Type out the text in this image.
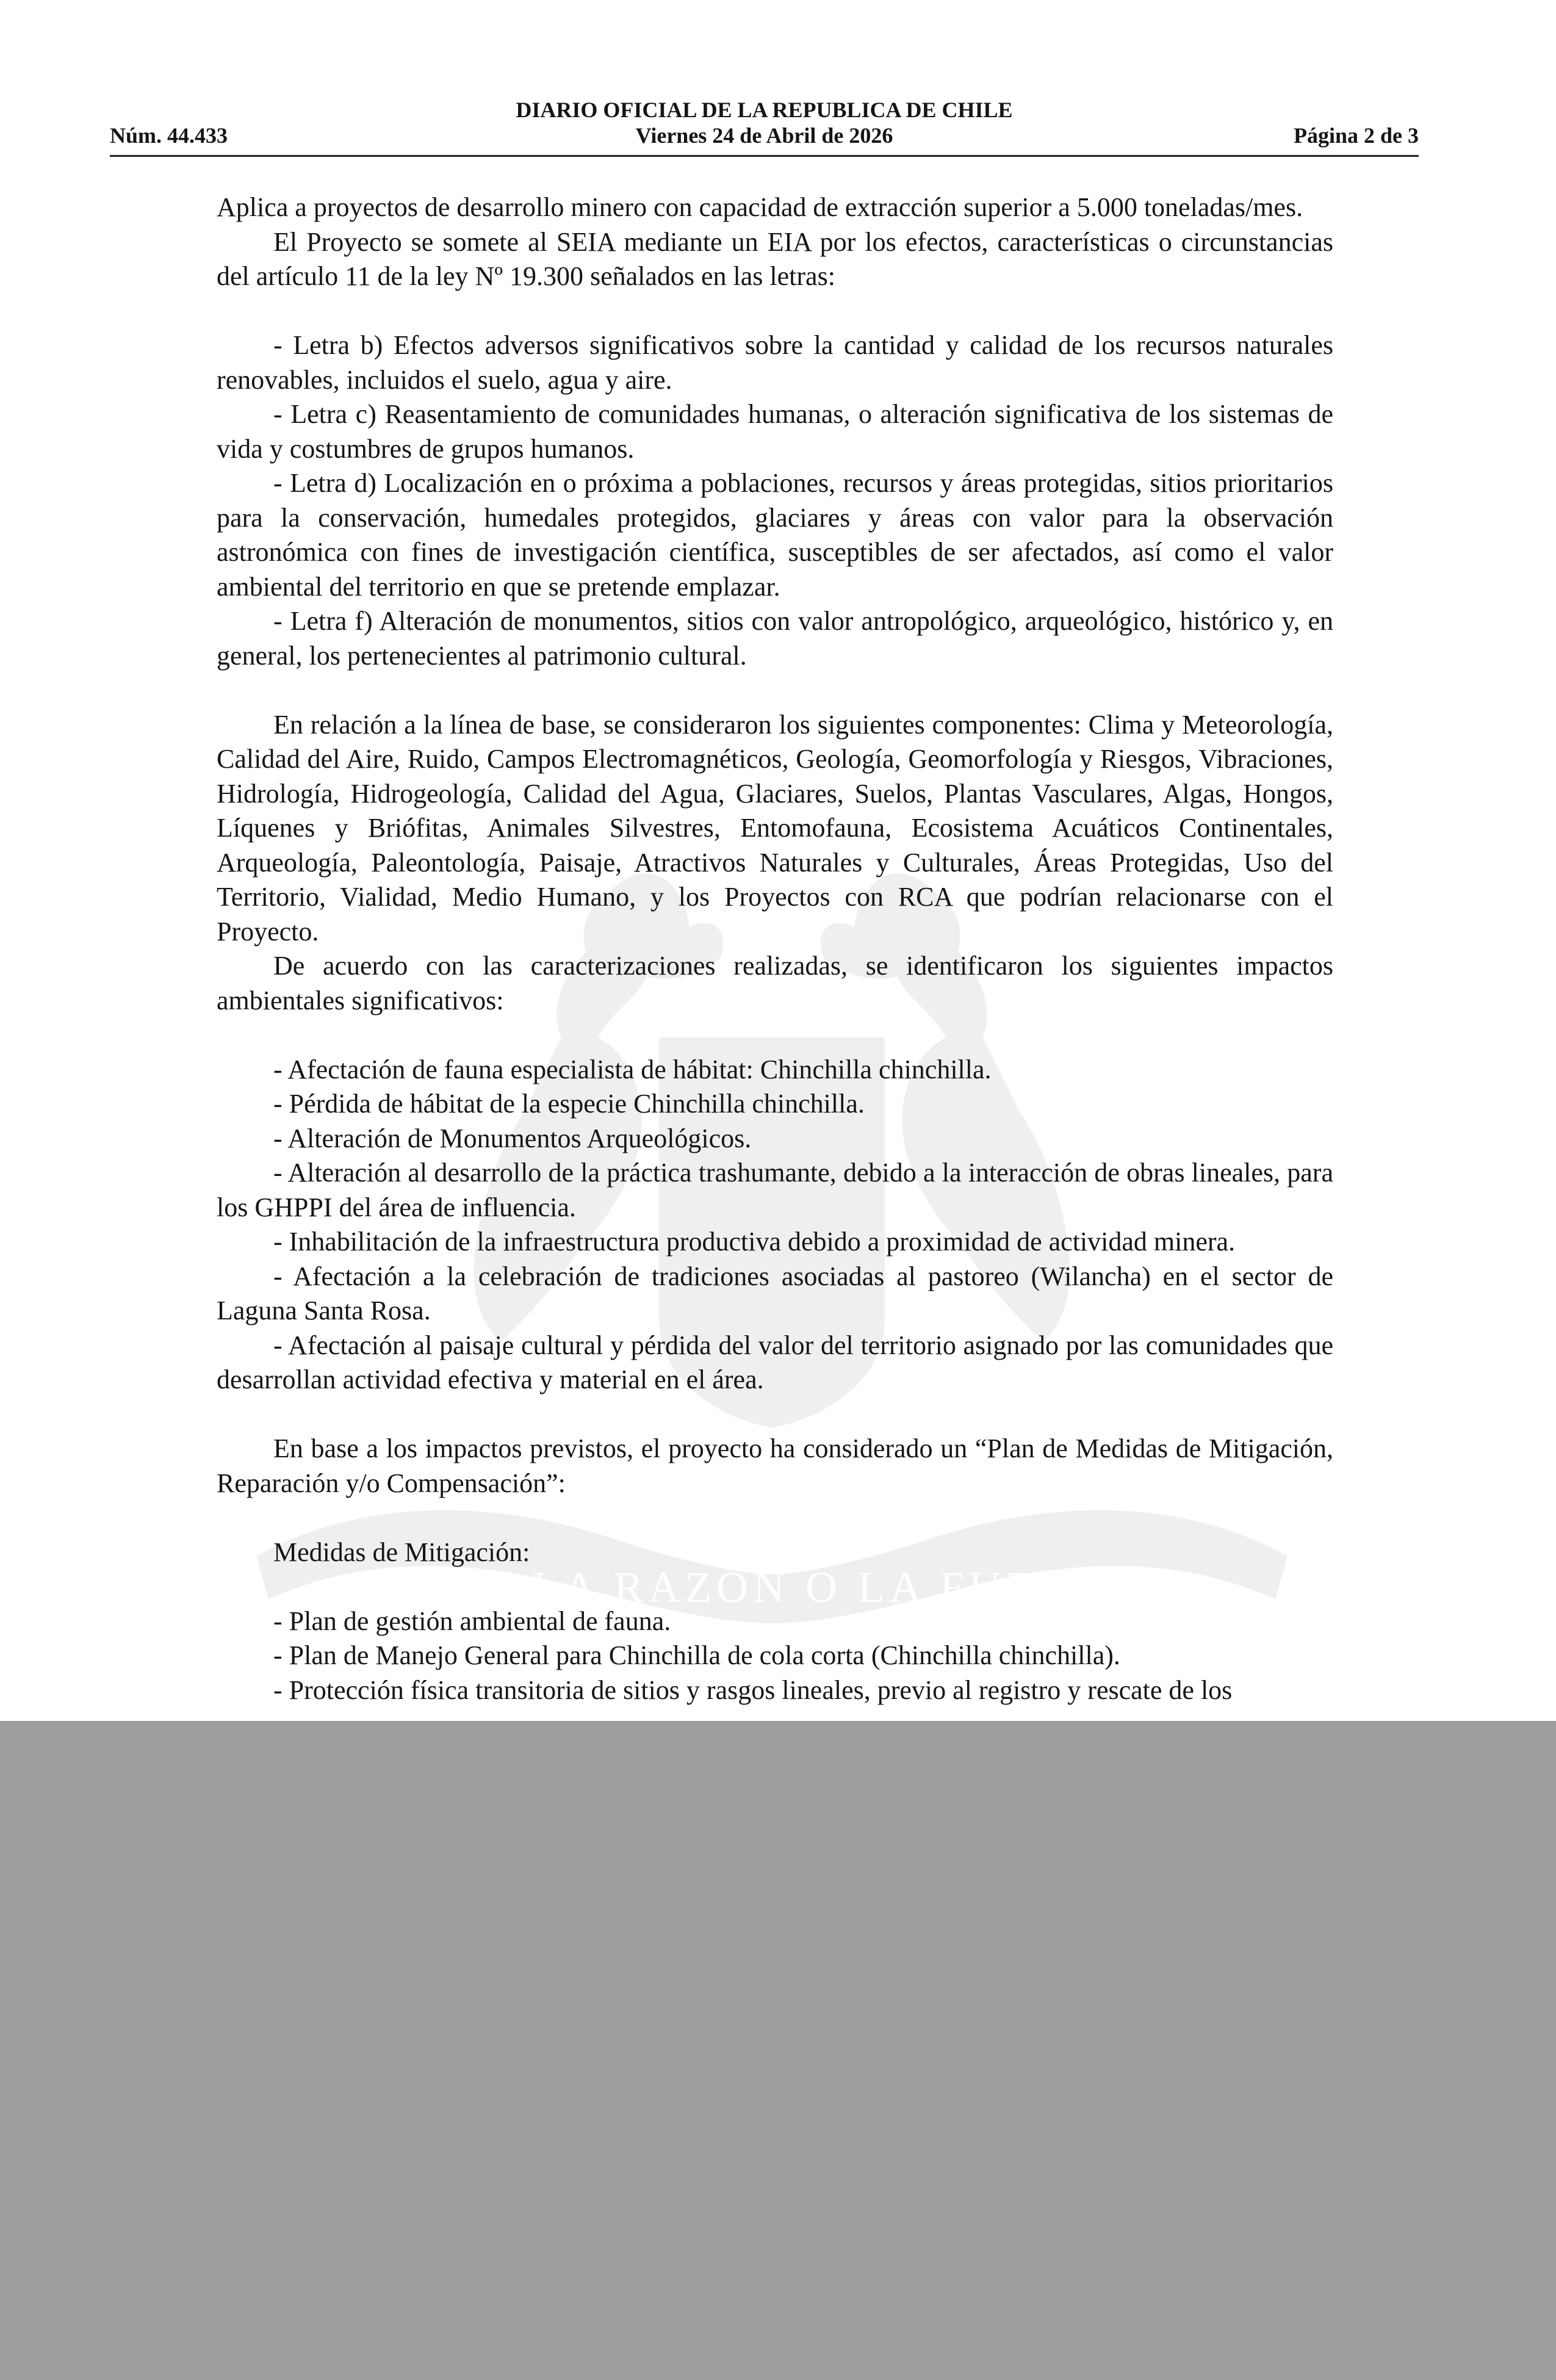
POR LA RAZÓN O LA FUERZA
DIARIO OFICIAL DE LA REPUBLICA DE CHILE
Núm. 44.433	Viernes 24 de Abril de 2026	Página 2 de 3

Aplica a proyectos de desarrollo minero con capacidad de extracción superior a 5.000 toneladas/mes.

El Proyecto se somete al SEIA mediante un EIA por los efectos, características o circunstancias del artículo 11 de la ley Nº 19.300 señalados en las letras:

- Letra b) Efectos adversos significativos sobre la cantidad y calidad de los recursos naturales renovables, incluidos el suelo, agua y aire.

- Letra c) Reasentamiento de comunidades humanas, o alteración significativa de los sistemas de vida y costumbres de grupos humanos.

- Letra d) Localización en o próxima a poblaciones, recursos y áreas protegidas, sitios prioritarios para la conservación, humedales protegidos, glaciares y áreas con valor para la observación astronómica con fines de investigación científica, susceptibles de ser afectados, así como el valor ambiental del territorio en que se pretende emplazar.

- Letra f) Alteración de monumentos, sitios con valor antropológico, arqueológico, histórico y, en general, los pertenecientes al patrimonio cultural.

En relación a la línea de base, se consideraron los siguientes componentes: Clima y Meteorología, Calidad del Aire, Ruido, Campos Electromagnéticos, Geología, Geomorfología y Riesgos, Vibraciones, Hidrología, Hidrogeología, Calidad del Agua, Glaciares, Suelos, Plantas Vasculares, Algas, Hongos, Líquenes y Briófitas, Animales Silvestres, Entomofauna, Ecosistema Acuáticos Continentales, Arqueología, Paleontología, Paisaje, Atractivos Naturales y Culturales, Áreas Protegidas, Uso del Territorio, Vialidad, Medio Humano, y los Proyectos con RCA que podrían relacionarse con el Proyecto.

De acuerdo con las caracterizaciones realizadas, se identificaron los siguientes impactos ambientales significativos:

- Afectación de fauna especialista de hábitat: Chinchilla chinchilla.

- Pérdida de hábitat de la especie Chinchilla chinchilla.

- Alteración de Monumentos Arqueológicos.

- Alteración al desarrollo de la práctica trashumante, debido a la interacción de obras lineales, para los GHPPI del área de influencia.

- Inhabilitación de la infraestructura productiva debido a proximidad de actividad minera.

- Afectación a la celebración de tradiciones asociadas al pastoreo (Wilancha) en el sector de Laguna Santa Rosa.

- Afectación al paisaje cultural y pérdida del valor del territorio asignado por las comunidades que desarrollan actividad efectiva y material en el área.

En base a los impactos previstos, el proyecto ha considerado un “Plan de Medidas de Mitigación, Reparación y/o Compensación”:

Medidas de Mitigación:

- Plan de gestión ambiental de fauna.

- Plan de Manejo General para Chinchilla de cola corta (Chinchilla chinchilla).

- Protección física transitoria de sitios y rasgos lineales, previo al registro y rescate de los
